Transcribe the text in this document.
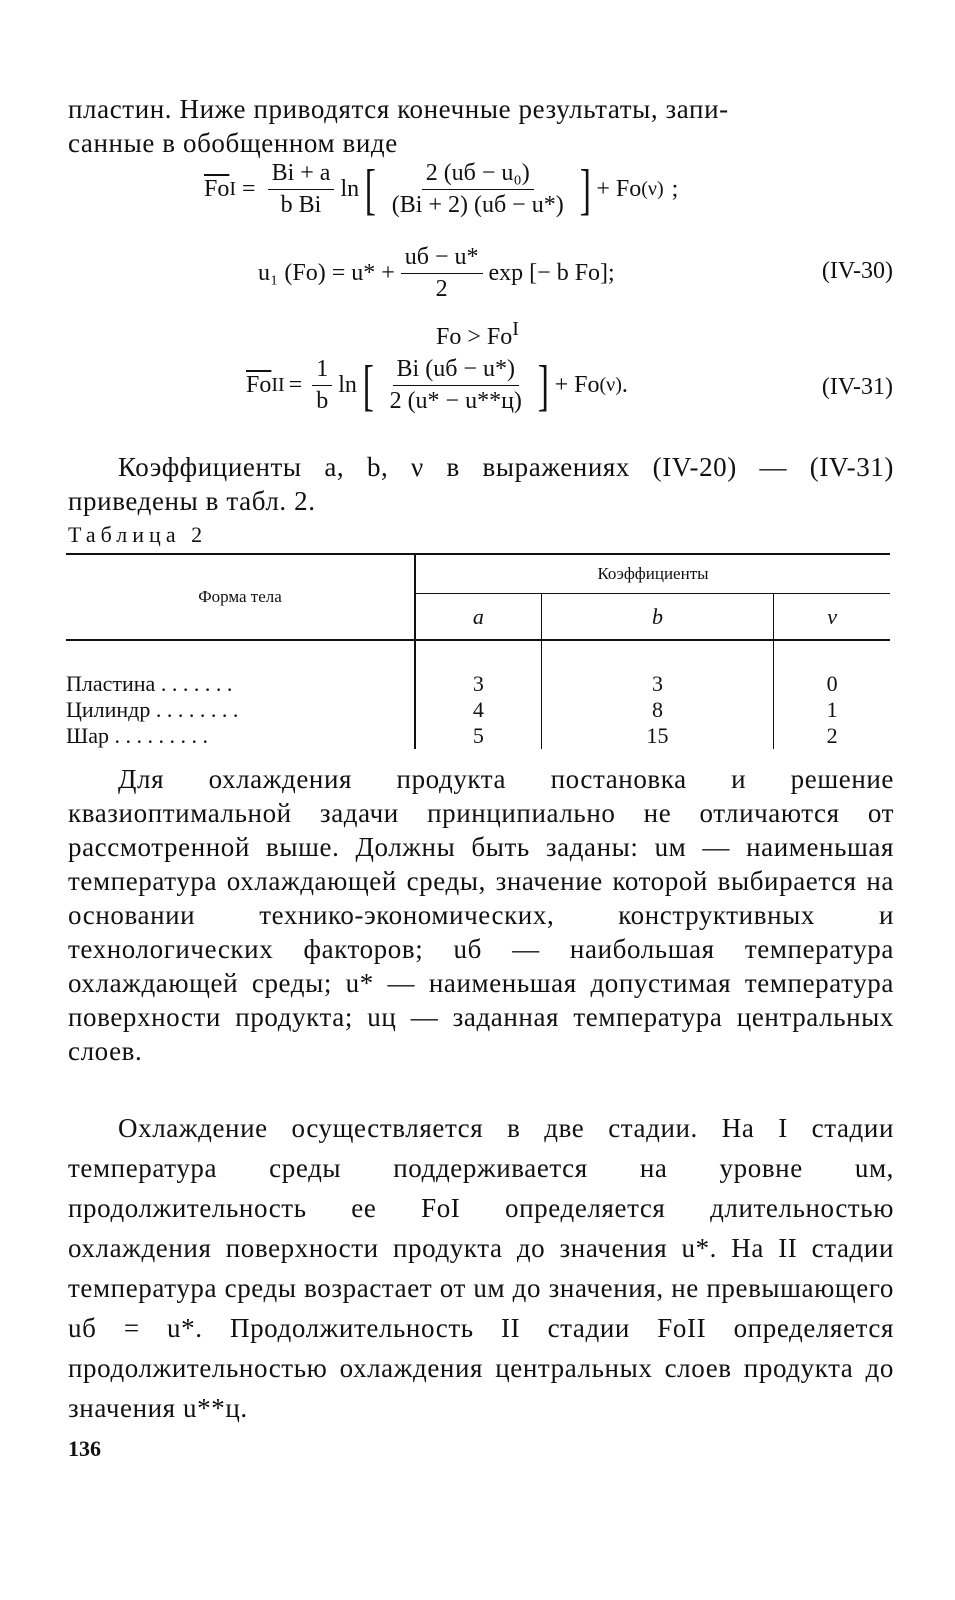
пластин. Ниже приводятся конечные результаты, запи-
санные в обобщенном виде
$\overline{Fo}$ $I = \frac{Bi + a}{\text{b Bi}}$ ln [ $\frac{\text{2 (uб − u₀)}}{(Bi + 2) (uб - u*)}$ ] + Fo (ν) ;
u₁ $(Fo) = u* + \frac{uб - u*}{2}$ exp [− b Fo];	(IV-30)
$Fo > Fo^I$
$\overline{Fo}$ II = $\frac{1}{b}$ ln [ $\frac{Bi (uб - u*)}{2 (u* - u**ц)}$ ] + Fo (ν) .	(IV-31)
Коэффициенты a, b, ν в выражениях (IV-20) — (IV-31) приведены в табл. 2.
Таблица 2
Форма тела	Коэффициенты		
	a	b	ν

Пластина . . . . . . .	3	3	0
Цилиндр . . . . . . . .	4	8	1
Шар . . . . . . . . .	5	15	2
Для охлаждения продукта постановка и решение квазиоптимальной задачи принципиально не отличаются от рассмотренной выше. Должны быть заданы: uм — наименьшая температура охлаждающей среды, значение которой выбирается на основании технико-экономических, конструктивных и технологических факторов; uб — наибольшая температура охлаждающей среды; u* — наименьшая допустимая температура поверхности продукта; uц — заданная температура центральных слоев.
Охлаждение осуществляется в две стадии. На I стадии температура среды поддерживается на уровне uм, продолжительность ее FoI определяется длительностью охлаждения поверхности продукта до значения u*. На II стадии температура среды возрастает от uм до значения, не превышающего uб = u*. Продолжительность II стадии FoII определяется продолжительностью охлаждения центральных слоев продукта до значения u**ц.
136
